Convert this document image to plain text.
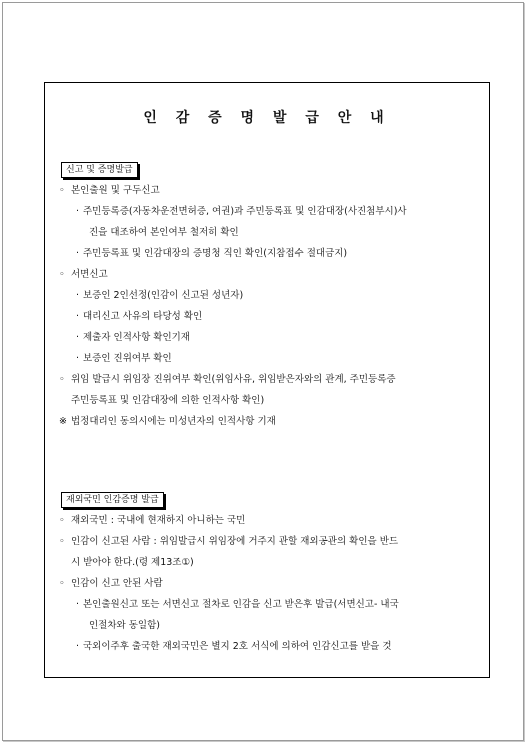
인 감 증 명 발 급 안 내
신고 및 증명발급
◦ 본인출원 및 구두신고
· 주민등록증(자동차운전면허증, 여권)과 주민등록표 및 인감대장(사진첨부시)사
진을 대조하여 본인여부 철저히 확인
· 주민등록표 및 인감대장의 증명청 직인 확인(지참접수 절대금지)
◦ 서면신고
· 보증인 2인선정(인감이 신고된 성년자)
· 대리신고 사유의 타당성 확인
· 제출자 인적사항 확인기재
· 보증인 진위여부 확인
◦ 위임 발급시 위임장 진위여부 확인(위임사유, 위임받은자와의 관계, 주민등록증
주민등록표 및 인감대장에 의한 인적사항 확인)
※ 법정대리인 동의시에는 미성년자의 인적사항 기재
재외국민 인감증명 발급
◦ 재외국민 : 국내에 현재하지 아니하는 국민
◦ 인감이 신고된 사람 : 위임발급시 위임장에 거주지 관할 재외공관의 확인을 반드
시 받아야 한다.(령 제13조①)
◦ 인감이 신고 안된 사람
· 본인출원신고 또는 서면신고 절차로 인감을 신고 받은후 발급(서면신고- 내국
인절차와 동일함)
· 국외이주후 출국한 재외국민은 별지 2호 서식에 의하여 인감신고를 받을 것
